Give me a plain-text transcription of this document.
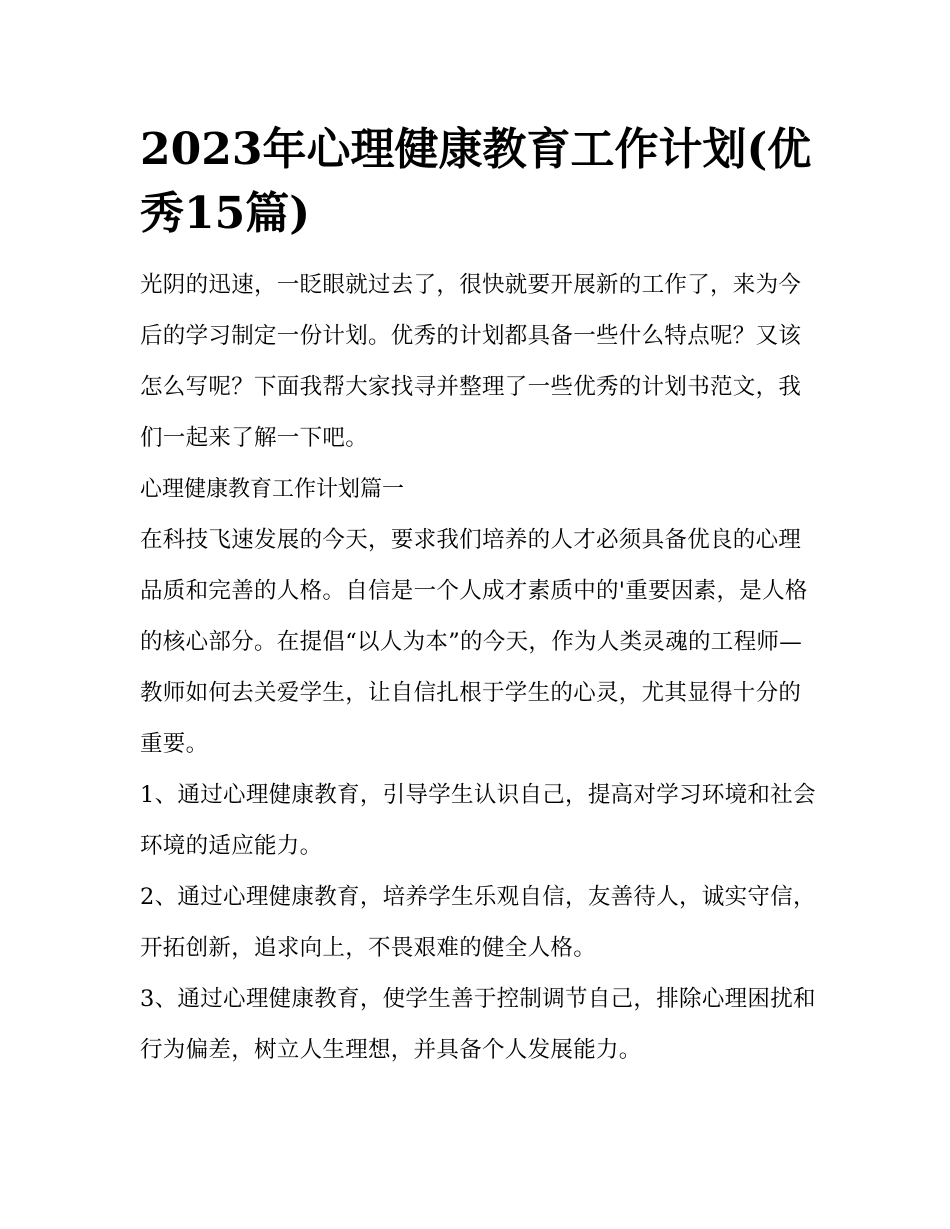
2023年心理健康教育工作计划(优秀15篇)

光阴的迅速，一眨眼就过去了，很快就要开展新的工作了，来为今后的学习制定一份计划。优秀的计划都具备一些什么特点呢？又该怎么写呢？下面我帮大家找寻并整理了一些优秀的计划书范文，我们一起来了解一下吧。

心理健康教育工作计划篇一

在科技飞速发展的今天，要求我们培养的人才必须具备优良的心理品质和完善的人格。自信是一个人成才素质中的'重要因素，是人格的核心部分。在提倡“以人为本”的今天，作为人类灵魂的工程师—教师如何去关爱学生，让自信扎根于学生的心灵，尤其显得十分的重要。

1、通过心理健康教育，引导学生认识自己，提高对学习环境和社会环境的适应能力。

2、通过心理健康教育，培养学生乐观自信，友善待人，诚实守信，开拓创新，追求向上，不畏艰难的健全人格。

3、通过心理健康教育，使学生善于控制调节自己，排除心理困扰和行为偏差，树立人生理想，并具备个人发展能力。
